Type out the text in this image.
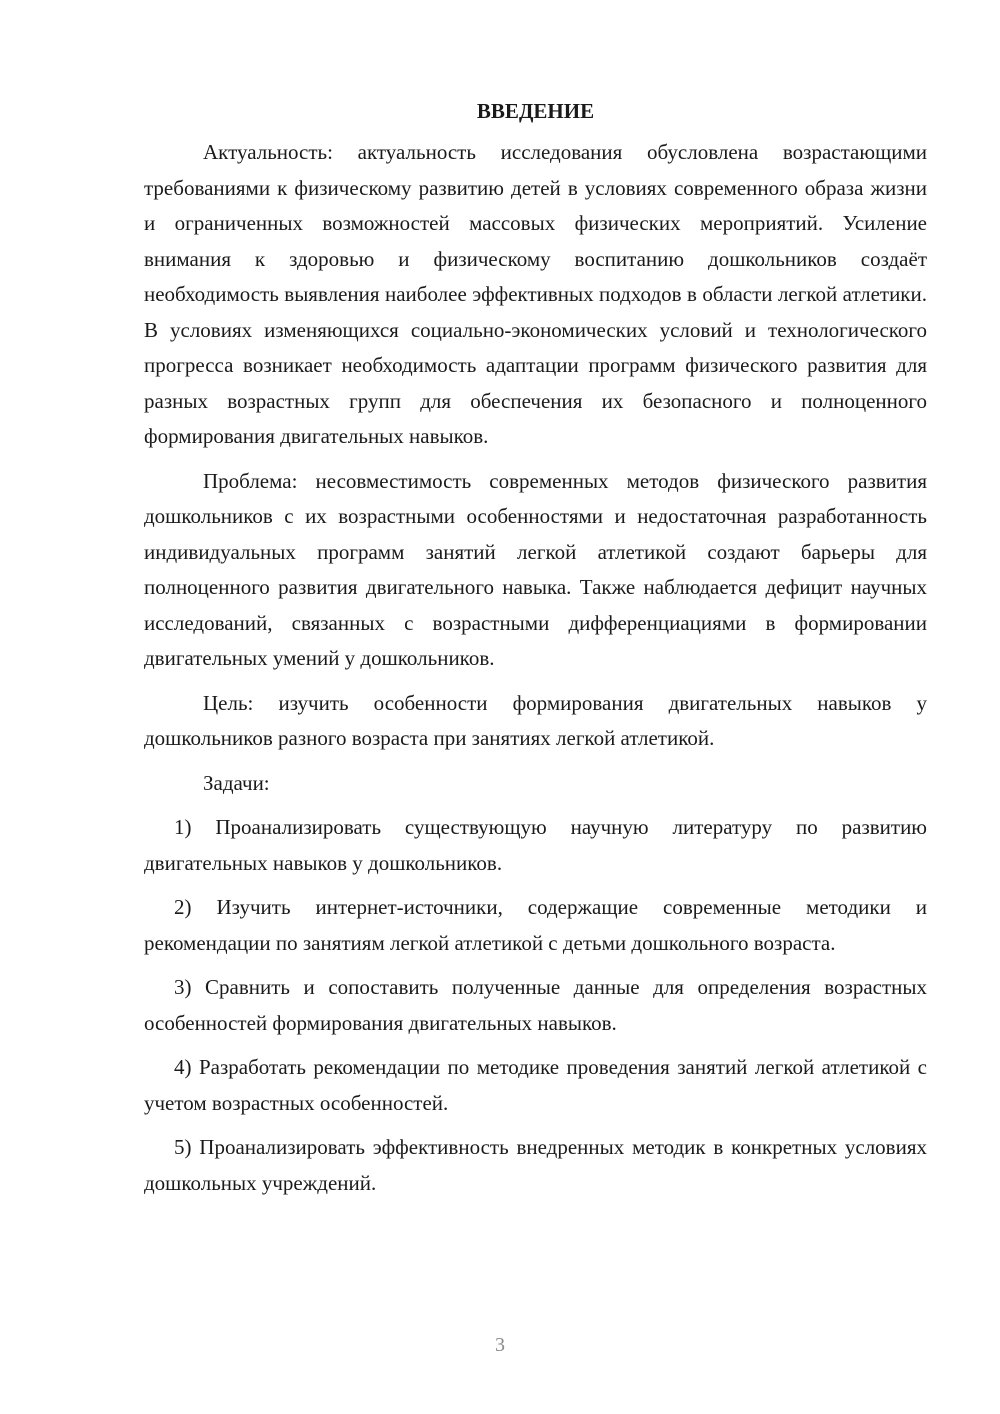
ВВЕДЕНИЕ

Актуальность: актуальность исследования обусловлена возрастающими требованиями к физическому развитию детей в условиях современного образа жизни и ограниченных возможностей массовых физических мероприятий. Усиление внимания к здоровью и физическому воспитанию дошкольников создаёт необходимость выявления наиболее эффективных подходов в области легкой атлетики. В условиях изменяющихся социально-экономических условий и технологического прогресса возникает необходимость адаптации программ физического развития для разных возрастных групп для обеспечения их безопасного и полноценного формирования двигательных навыков.

Проблема: несовместимость современных методов физического развития дошкольников с их возрастными особенностями и недостаточная разработанность индивидуальных программ занятий легкой атлетикой создают барьеры для полноценного развития двигательного навыка. Также наблюдается дефицит научных исследований, связанных с возрастными дифференциациями в формировании двигательных умений у дошкольников.

Цель: изучить особенности формирования двигательных навыков у дошкольников разного возраста при занятиях легкой атлетикой.

Задачи:

1) Проанализировать существующую научную литературу по развитию двигательных навыков у дошкольников.

2) Изучить интернет-источники, содержащие современные методики и рекомендации по занятиям легкой атлетикой с детьми дошкольного возраста.

3) Сравнить и сопоставить полученные данные для определения возрастных особенностей формирования двигательных навыков.

4) Разработать рекомендации по методике проведения занятий легкой атлетикой с учетом возрастных особенностей.

5) Проанализировать эффективность внедренных методик в конкретных условиях дошкольных учреждений.

3
